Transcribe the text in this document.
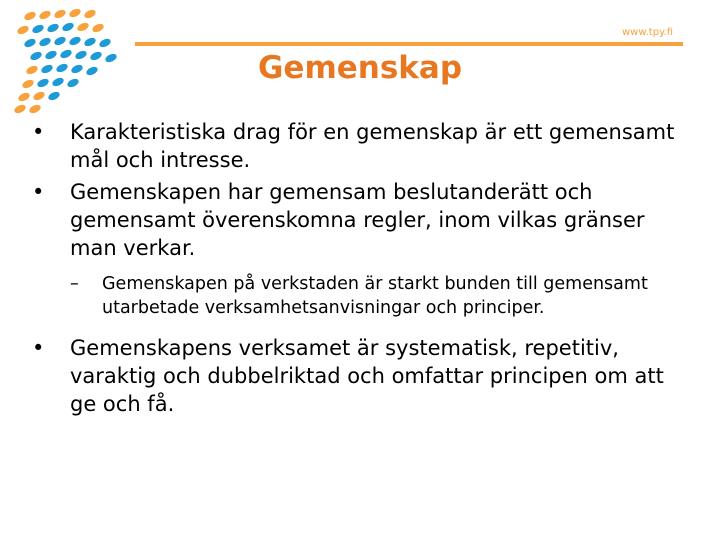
www.tpy.fi
Gemenskap
• Karakteristiska drag för en gemenskap är ett gemensamt mål och intresse.
• Gemenskapen har gemensam beslutanderätt och gemensamt överenskomna regler, inom vilkas gränser man verkar.
– Gemenskapen på verkstaden är starkt bunden till gemensamt utarbetade verksamhetsanvisningar och principer.
• Gemenskapens verksamet är systematisk, repetitiv, varaktig och dubbelriktad och omfattar principen om att ge och få.
